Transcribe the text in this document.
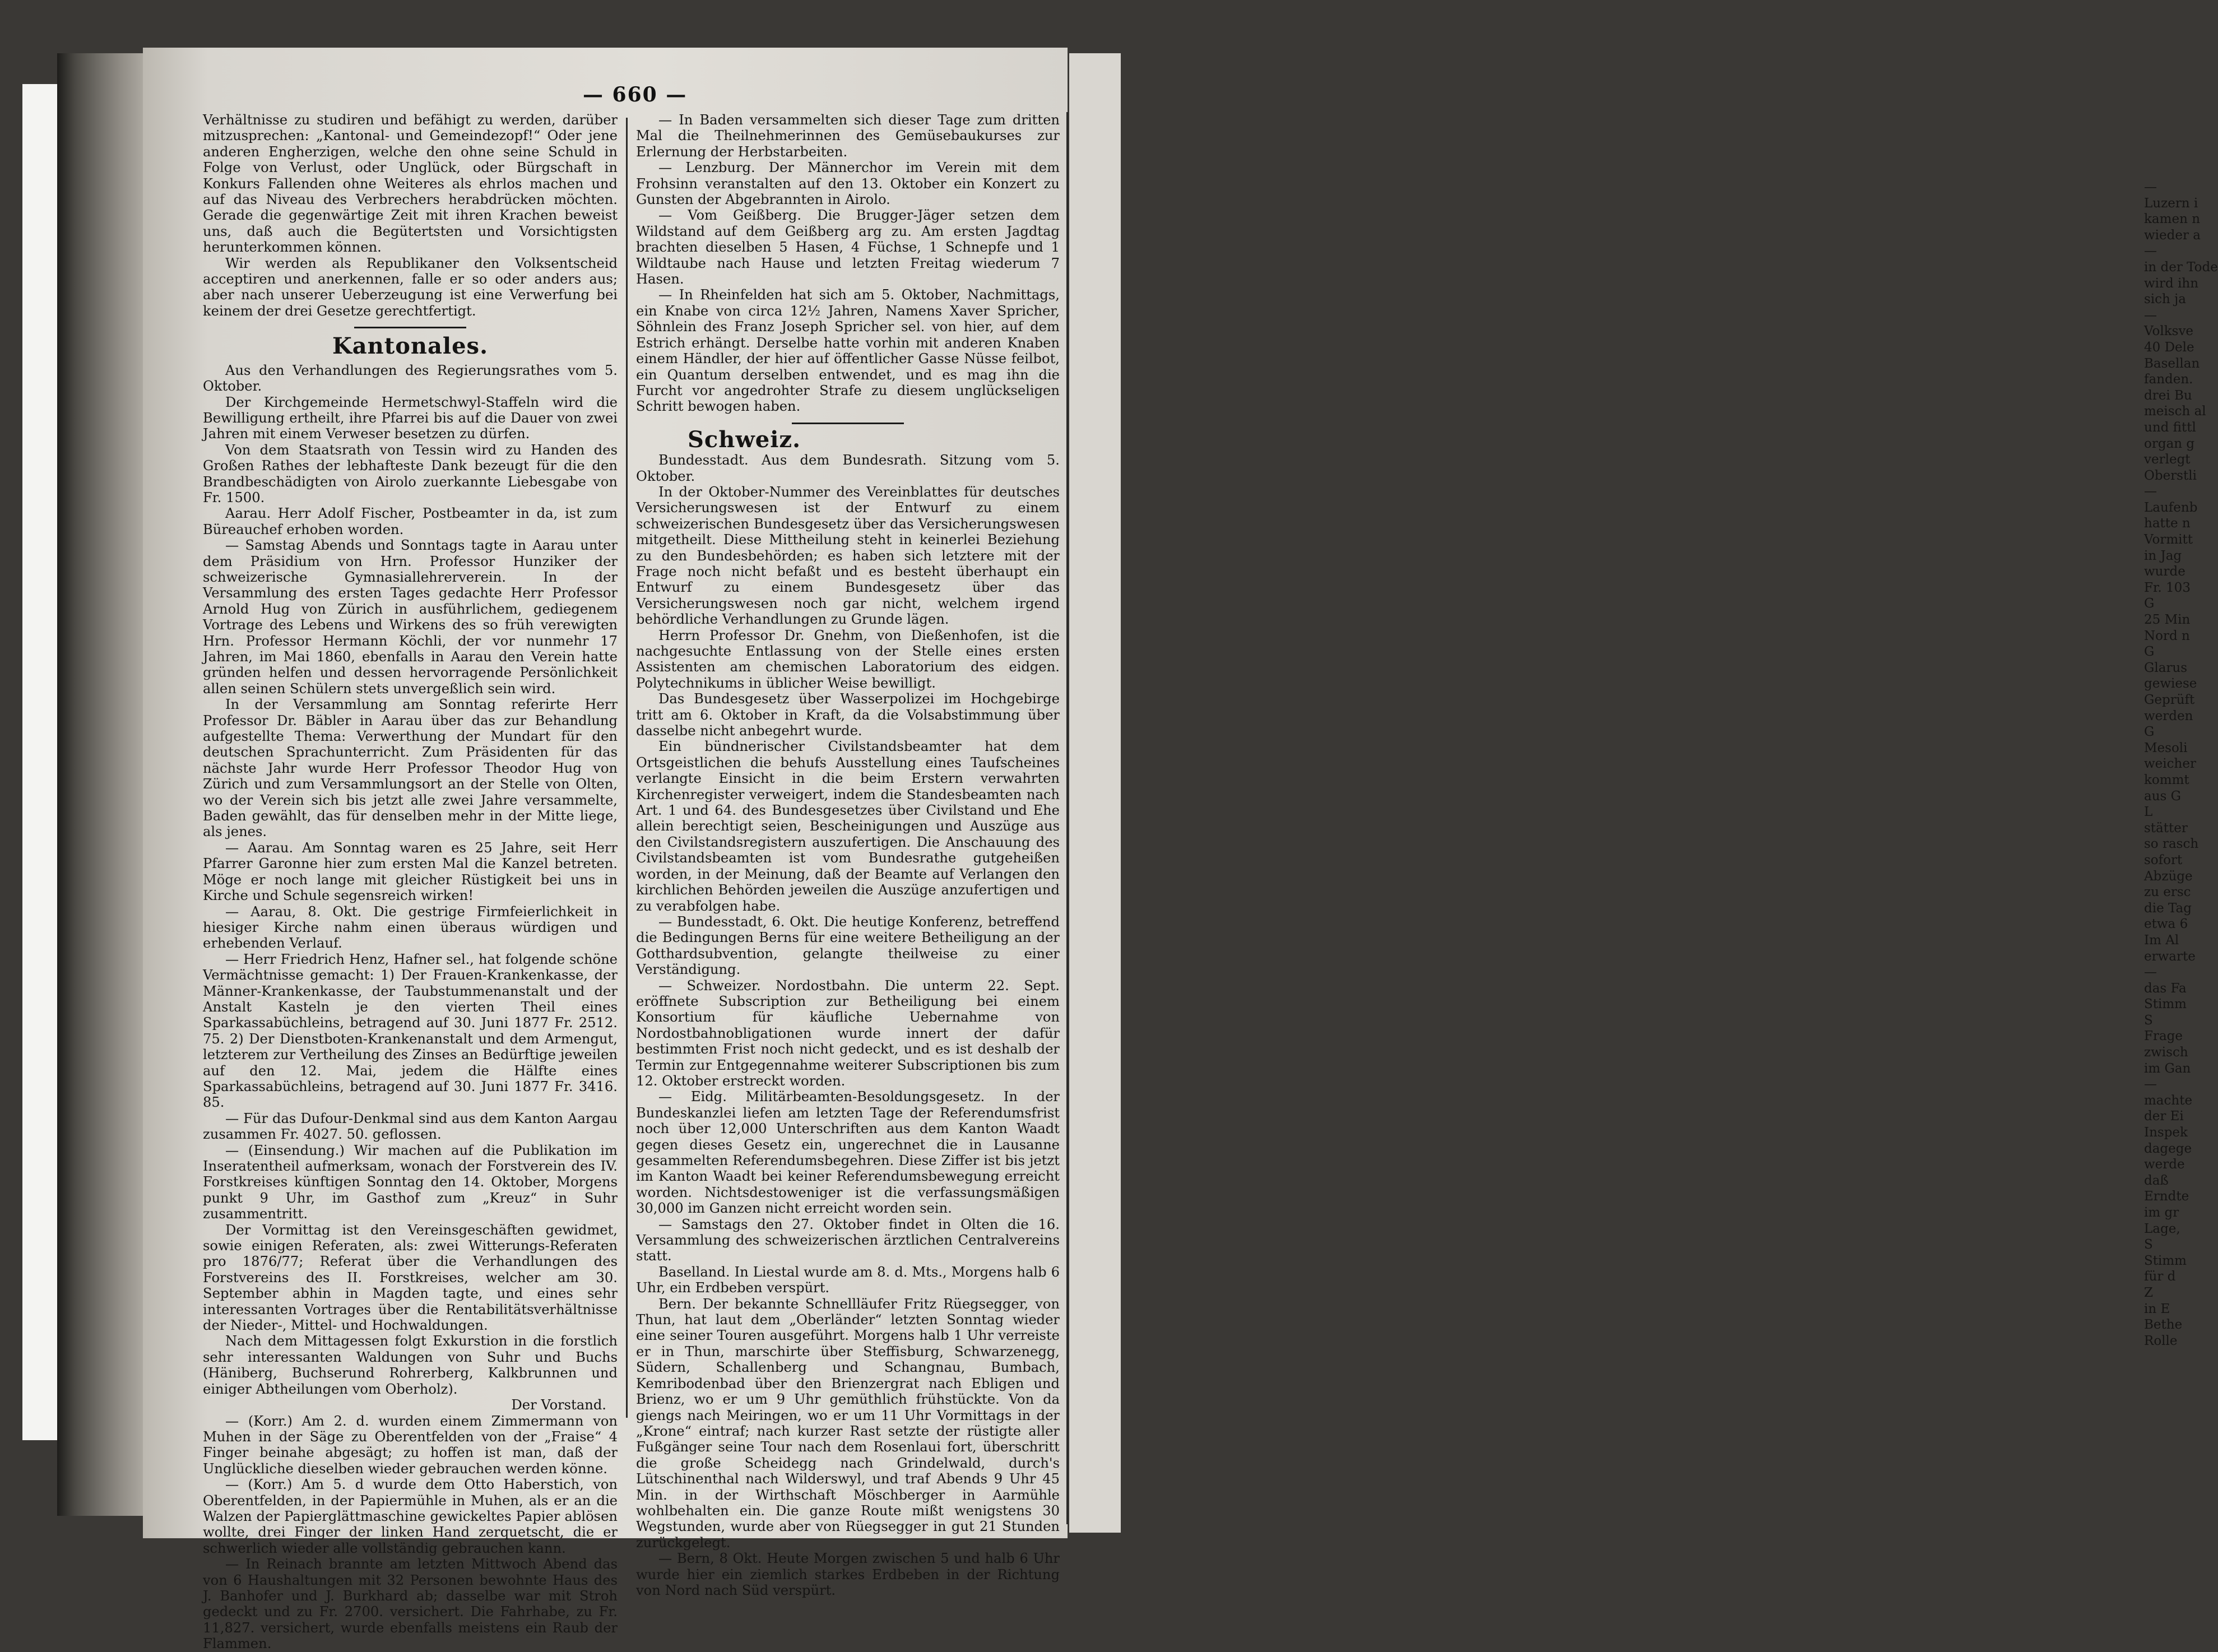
—
Luzern i
kamen n
wieder a
—
in der Tode
wird ihn
sich ja
—
Volksve
40 Dele
Basellan
fanden.
drei Bu
meisch al
und fittl
organ g
verlegt
Oberstli
—
Laufenb
hatte n
Vormitt
in Jag
wurde
Fr. 103
G
25 Min
Nord n
G
Glarus
gewiese
Geprüft
werden
G
Mesoli
weicher
kommt
aus G
L
stätter
so rasch
sofort
Abzüge
zu ersc
die Tag
etwa 6
Im Al
erwarte
—
das Fa
Stimm
S
Frage
zwisch
im Gan
—
machte
der Ei
Inspek
dagege
werde
daß
Erndte
im gr
Lage,
S
Stimm
für d
Z
in E
Bethe
Rolle
— 660 —

Verhältnisse zu studiren und befähigt zu werden, darüber mitzusprechen: „Kantonal- und Gemeindezopf!“ Oder jene anderen Engherzigen, welche den ohne seine Schuld in Folge von Verlust, oder Unglück, oder Bürgschaft in Konkurs Fallenden ohne Weiteres als ehrlos machen und auf das Niveau des Verbrechers herabdrücken möchten. Gerade die gegenwärtige Zeit mit ihren Krachen beweist uns, daß auch die Begütertsten und Vorsichtigsten herunterkommen können.

Wir werden als Republikaner den Volksentscheid acceptiren und anerkennen, falle er so oder anders aus; aber nach unserer Ueberzeugung ist eine Verwerfung bei keinem der drei Gesetze gerechtfertigt.

Kantonales.

Aus den Verhandlungen des Regierungsrathes vom 5. Oktober.

Der Kirchgemeinde Hermetschwyl-Staffeln wird die Bewilligung ertheilt, ihre Pfarrei bis auf die Dauer von zwei Jahren mit einem Verweser besetzen zu dürfen.

Von dem Staatsrath von Tessin wird zu Handen des Großen Rathes der lebhafteste Dank bezeugt für die den Brandbeschädigten von Airolo zuerkannte Liebesgabe von Fr. 1500.

Aarau. Herr Adolf Fischer, Postbeamter in da, ist zum Büreauchef erhoben worden.

— Samstag Abends und Sonntags tagte in Aarau unter dem Präsidium von Hrn. Professor Hunziker der schweizerische Gymnasiallehrerverein. In der Versammlung des ersten Tages gedachte Herr Professor Arnold Hug von Zürich in ausführlichem, gediegenem Vortrage des Lebens und Wirkens des so früh verewigten Hrn. Professor Hermann Köchli, der vor nunmehr 17 Jahren, im Mai 1860, ebenfalls in Aarau den Verein hatte gründen helfen und dessen hervorragende Persönlichkeit allen seinen Schülern stets unvergeßlich sein wird.

In der Versammlung am Sonntag referirte Herr Professor Dr. Bäbler in Aarau über das zur Behandlung aufgestellte Thema: Verwerthung der Mundart für den deutschen Sprachunterricht. Zum Präsidenten für das nächste Jahr wurde Herr Professor Theodor Hug von Zürich und zum Versammlungsort an der Stelle von Olten, wo der Verein sich bis jetzt alle zwei Jahre versammelte, Baden gewählt, das für denselben mehr in der Mitte liege, als jenes.

— Aarau. Am Sonntag waren es 25 Jahre, seit Herr Pfarrer Garonne hier zum ersten Mal die Kanzel betreten. Möge er noch lange mit gleicher Rüstigkeit bei uns in Kirche und Schule segensreich wirken!

— Aarau, 8. Okt. Die gestrige Firmfeierlichkeit in hiesiger Kirche nahm einen überaus würdigen und erhebenden Verlauf.

— Herr Friedrich Henz, Hafner sel., hat folgende schöne Vermächtnisse gemacht: 1) Der Frauen-Krankenkasse, der Männer-Krankenkasse, der Taubstummenanstalt und der Anstalt Kasteln je den vierten Theil eines Sparkassabüchleins, betragend auf 30. Juni 1877 Fr. 2512. 75. 2) Der Dienstboten-Krankenanstalt und dem Armengut, letzterem zur Vertheilung des Zinses an Bedürftige jeweilen auf den 12. Mai, jedem die Hälfte eines Sparkassabüchleins, betragend auf 30. Juni 1877 Fr. 3416. 85.

— Für das Dufour-Denkmal sind aus dem Kanton Aargau zusammen Fr. 4027. 50. geflossen.

— (Einsendung.) Wir machen auf die Publikation im Inseratentheil aufmerksam, wonach der Forstverein des IV. Forstkreises künftigen Sonntag den 14. Oktober, Morgens punkt 9 Uhr, im Gasthof zum „Kreuz“ in Suhr zusammentritt.

Der Vormittag ist den Vereinsgeschäften gewidmet, sowie einigen Referaten, als: zwei Witterungs-Referaten pro 1876/77; Referat über die Verhandlungen des Forstvereins des II. Forstkreises, welcher am 30. September abhin in Magden tagte, und eines sehr interessanten Vortrages über die Rentabilitätsverhältnisse der Nieder-, Mittel- und Hochwaldungen.

Nach dem Mittagessen folgt Exkurstion in die forstlich sehr interessanten Waldungen von Suhr und Buchs (Häniberg, Buchserund Rohrerberg, Kalkbrunnen und einiger Abtheilungen vom Oberholz).

Der Vorstand.

— (Korr.) Am 2. d. wurden einem Zimmermann von Muhen in der Säge zu Oberentfelden von der „Fraise“ 4 Finger beinahe abgesägt; zu hoffen ist man, daß der Unglückliche dieselben wieder gebrauchen werden könne.

— (Korr.) Am 5. d wurde dem Otto Haberstich, von Oberentfelden, in der Papiermühle in Muhen, als er an die Walzen der Papierglättmaschine gewickeltes Papier ablösen wollte, drei Finger der linken Hand zerquetscht, die er schwerlich wieder alle vollständig gebrauchen kann.

— In Reinach brannte am letzten Mittwoch Abend das von 6 Haushaltungen mit 32 Personen bewohnte Haus des J. Banhofer und J. Burkhard ab; dasselbe war mit Stroh gedeckt und zu Fr. 2700. versichert. Die Fahrhabe, zu Fr. 11,827. versichert, wurde ebenfalls meistens ein Raub der Flammen.

— In Baden versammelten sich dieser Tage zum dritten Mal die Theilnehmerinnen des Gemüsebaukurses zur Erlernung der Herbstarbeiten.

— Lenzburg. Der Männerchor im Verein mit dem Frohsinn veranstalten auf den 13. Oktober ein Konzert zu Gunsten der Abgebrannten in Airolo.

— Vom Geißberg. Die Brugger-Jäger setzen dem Wildstand auf dem Geißberg arg zu. Am ersten Jagdtag brachten dieselben 5 Hasen, 4 Füchse, 1 Schnepfe und 1 Wildtaube nach Hause und letzten Freitag wiederum 7 Hasen.

— In Rheinfelden hat sich am 5. Oktober, Nachmittags, ein Knabe von circa 12½ Jahren, Namens Xaver Spricher, Söhnlein des Franz Joseph Spricher sel. von hier, auf dem Estrich erhängt. Derselbe hatte vorhin mit anderen Knaben einem Händler, der hier auf öffentlicher Gasse Nüsse feilbot, ein Quantum derselben entwendet, und es mag ihn die Furcht vor angedrohter Strafe zu diesem unglückseligen Schritt bewogen haben.

Schweiz.

Bundesstadt. Aus dem Bundesrath. Sitzung vom 5. Oktober.

In der Oktober-Nummer des Vereinblattes für deutsches Versicherungswesen ist der Entwurf zu einem schweizerischen Bundesgesetz über das Versicherungswesen mitgetheilt. Diese Mittheilung steht in keinerlei Beziehung zu den Bundesbehörden; es haben sich letztere mit der Frage noch nicht befaßt und es besteht überhaupt ein Entwurf zu einem Bundesgesetz über das Versicherungswesen noch gar nicht, welchem irgend behördliche Verhandlungen zu Grunde lägen.

Herrn Professor Dr. Gnehm, von Dießenhofen, ist die nachgesuchte Entlassung von der Stelle eines ersten Assistenten am chemischen Laboratorium des eidgen. Polytechnikums in üblicher Weise bewilligt.

Das Bundesgesetz über Wasserpolizei im Hochgebirge tritt am 6. Oktober in Kraft, da die Volsabstimmung über dasselbe nicht anbegehrt wurde.

Ein bündnerischer Civilstandsbeamter hat dem Ortsgeistlichen die behufs Ausstellung eines Taufscheines verlangte Einsicht in die beim Erstern verwahrten Kirchenregister verweigert, indem die Standesbeamten nach Art. 1 und 64. des Bundesgesetzes über Civilstand und Ehe allein berechtigt seien, Bescheinigungen und Auszüge aus den Civilstandsregistern auszufertigen. Die Anschauung des Civilstandsbeamten ist vom Bundesrathe gutgeheißen worden, in der Meinung, daß der Beamte auf Verlangen den kirchlichen Behörden jeweilen die Auszüge anzufertigen und zu verabfolgen habe.

— Bundesstadt, 6. Okt. Die heutige Konferenz, betreffend die Bedingungen Berns für eine weitere Betheiligung an der Gotthardsubvention, gelangte theilweise zu einer Verständigung.

— Schweizer. Nordostbahn. Die unterm 22. Sept. eröffnete Subscription zur Betheiligung bei einem Konsortium für käufliche Uebernahme von Nordostbahnobligationen wurde innert der dafür bestimmten Frist noch nicht gedeckt, und es ist deshalb der Termin zur Entgegennahme weiterer Subscriptionen bis zum 12. Oktober erstreckt worden.

— Eidg. Militärbeamten-Besoldungsgesetz. In der Bundeskanzlei liefen am letzten Tage der Referendumsfrist noch über 12,000 Unterschriften aus dem Kanton Waadt gegen dieses Gesetz ein, ungerechnet die in Lausanne gesammelten Referendumsbegehren. Diese Ziffer ist bis jetzt im Kanton Waadt bei keiner Referendumsbewegung erreicht worden. Nichtsdestoweniger ist die verfassungsmäßigen 30,000 im Ganzen nicht erreicht worden sein.

— Samstags den 27. Oktober findet in Olten die 16. Versammlung des schweizerischen ärztlichen Centralvereins statt.

Baselland. In Liestal wurde am 8. d. Mts., Morgens halb 6 Uhr, ein Erdbeben verspürt.

Bern. Der bekannte Schnellläufer Fritz Rüegsegger, von Thun, hat laut dem „Oberländer“ letzten Sonntag wieder eine seiner Touren ausgeführt. Morgens halb 1 Uhr verreiste er in Thun, marschirte über Steffisburg, Schwarzenegg, Südern, Schallenberg und Schangnau, Bumbach, Kemribodenbad über den Brienzergrat nach Ebligen und Brienz, wo er um 9 Uhr gemüthlich frühstückte. Von da giengs nach Meiringen, wo er um 11 Uhr Vormittags in der „Krone“ eintraf; nach kurzer Rast setzte der rüstigte aller Fußgänger seine Tour nach dem Rosenlaui fort, überschritt die große Scheidegg nach Grindelwald, durch's Lütschinenthal nach Wilderswyl, und traf Abends 9 Uhr 45 Min. in der Wirthschaft Möschberger in Aarmühle wohlbehalten ein. Die ganze Route mißt wenigstens 30 Wegstunden, wurde aber von Rüegsegger in gut 21 Stunden zurückgelegt.

— Bern, 8 Okt. Heute Morgen zwischen 5 und halb 6 Uhr wurde hier ein ziemlich starkes Erdbeben in der Richtung von Nord nach Süd verspürt.
